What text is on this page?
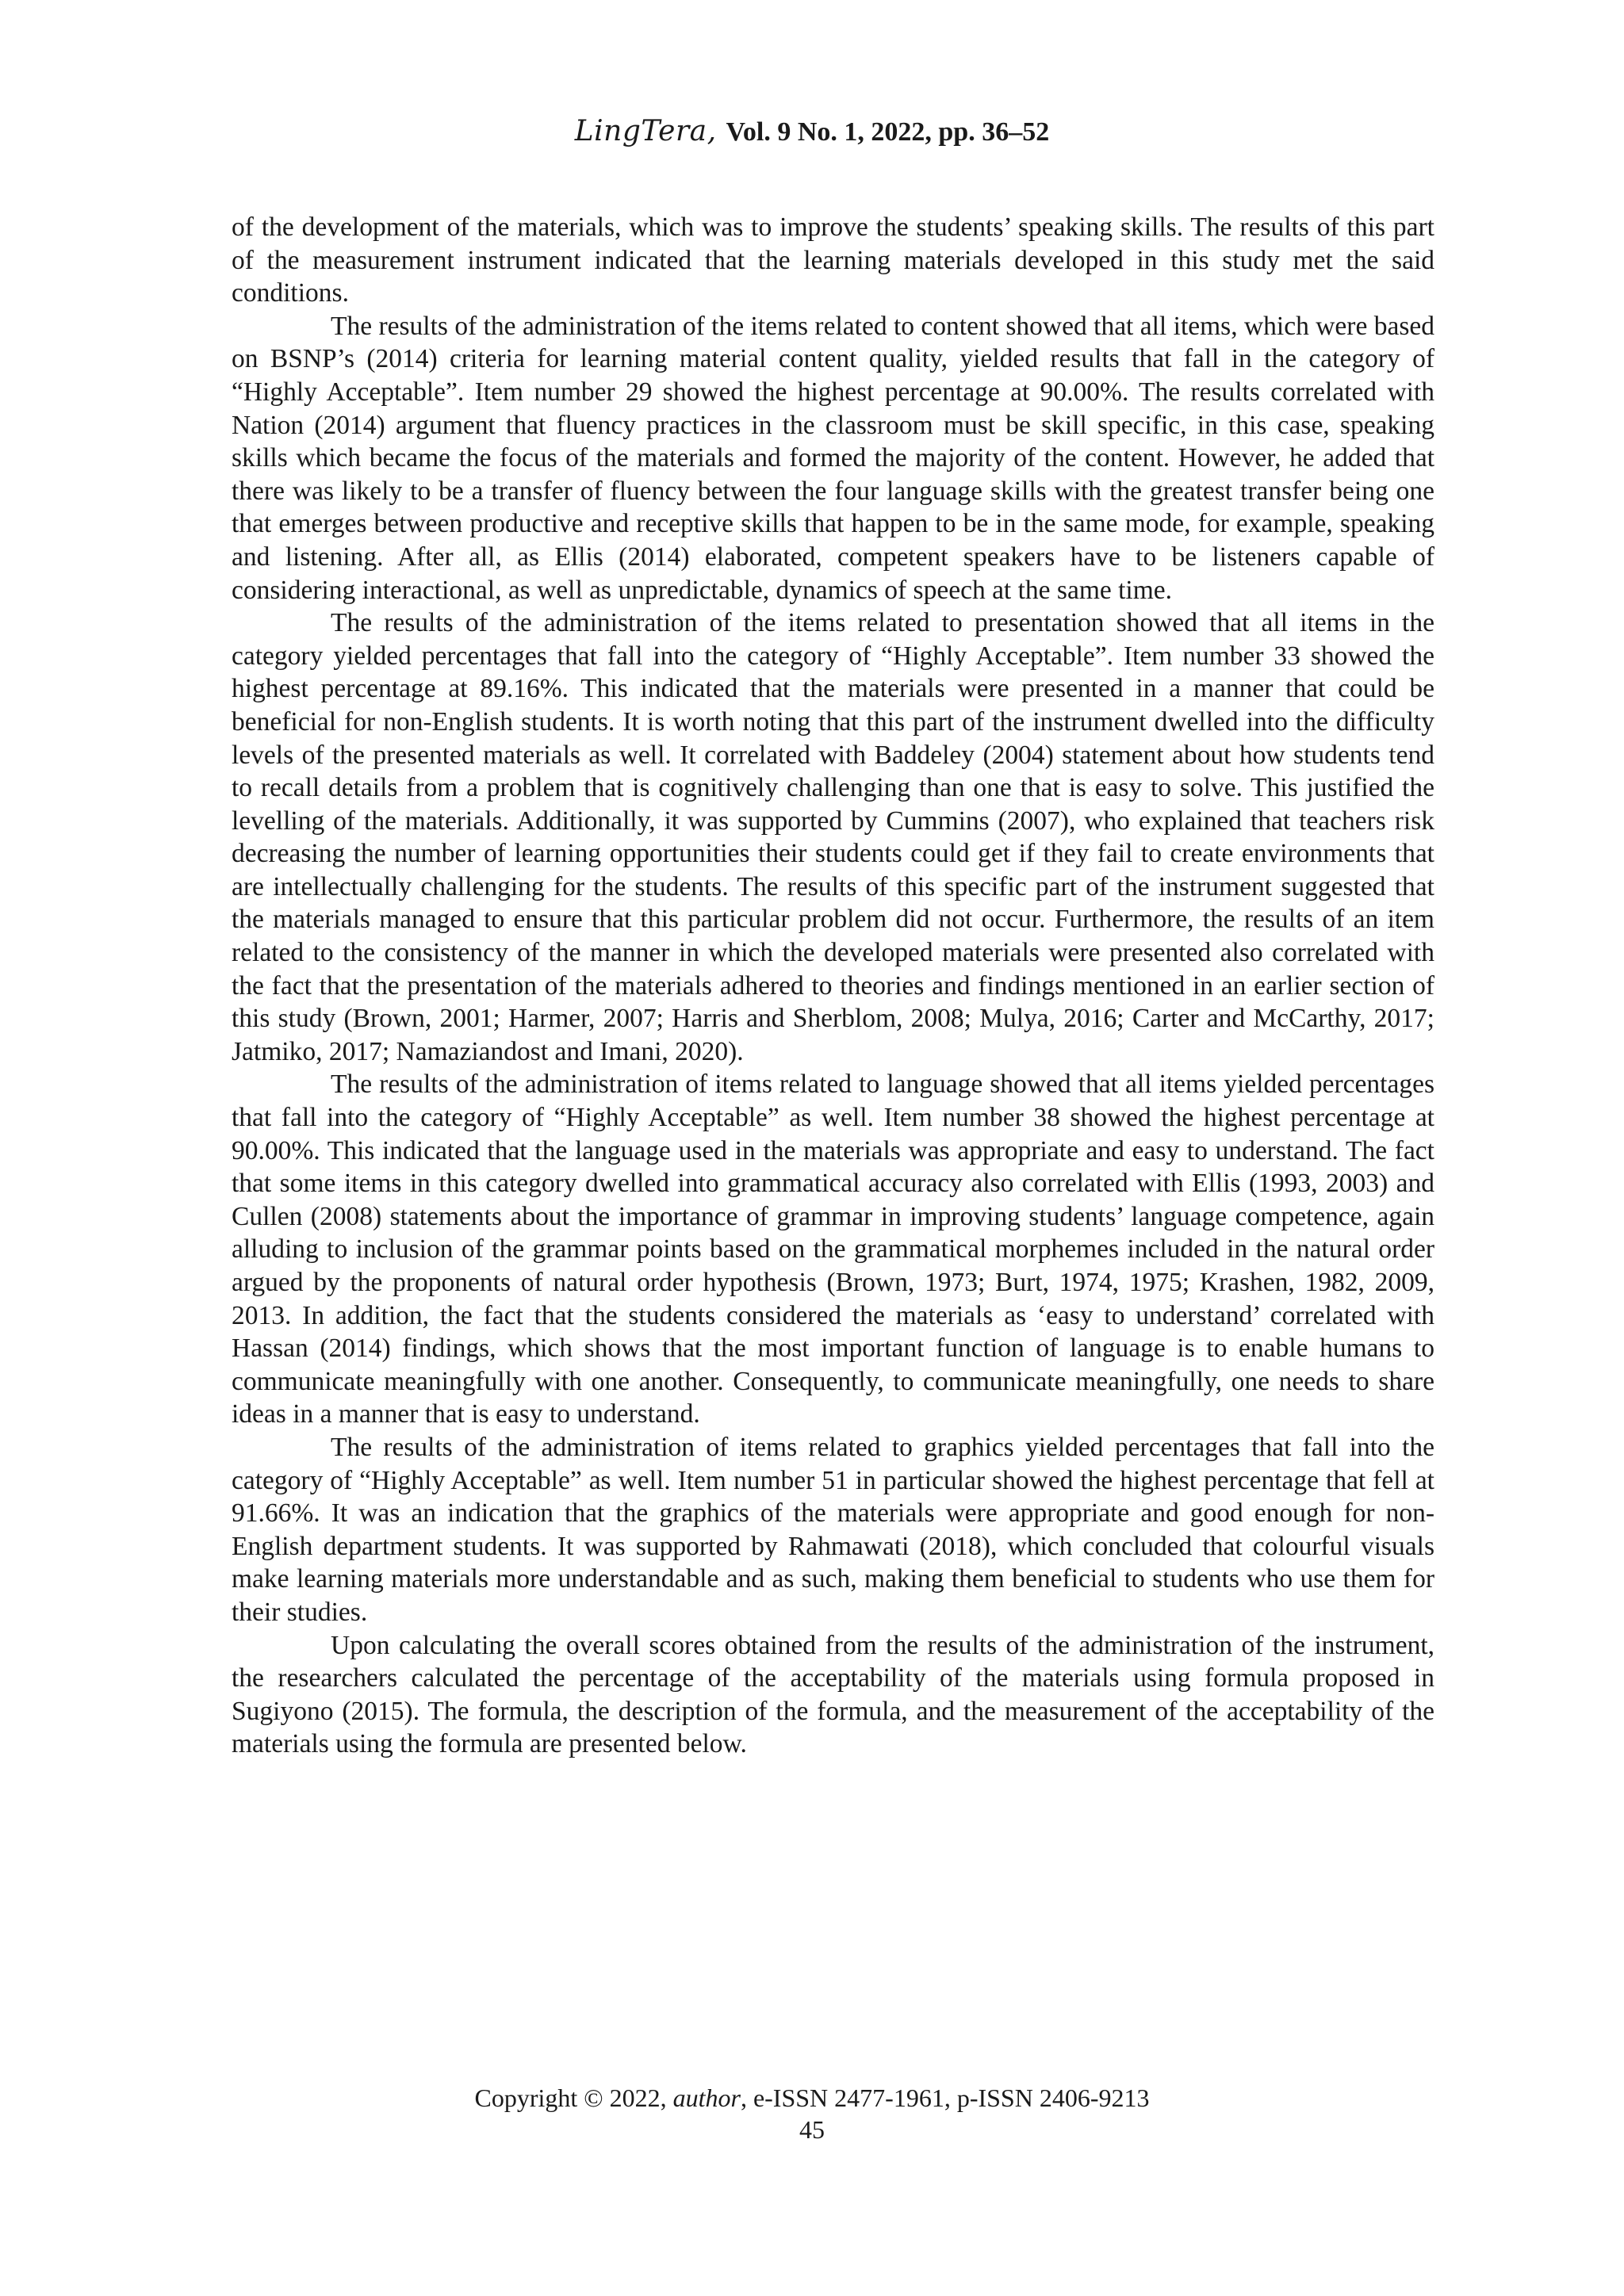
LingTera, Vol. 9 No. 1, 2022, pp. 36–52

of the development of the materials, which was to improve the students’ speaking skills. The results of this part of the measurement instrument indicated that the learning materials developed in this study met the said conditions.

The results of the administration of the items related to content showed that all items, which were based on BSNP’s (2014) criteria for learning material content quality, yielded results that fall in the category of “Highly Acceptable”. Item number 29 showed the highest percentage at 90.00%. The results correlated with Nation (2014) argument that fluency practices in the classroom must be skill specific, in this case, speaking skills which became the focus of the materials and formed the majority of the content. However, he added that there was likely to be a transfer of fluency between the four language skills with the greatest transfer being one that emerges between productive and receptive skills that happen to be in the same mode, for example, speaking and listening. After all, as Ellis (2014) elaborated, competent speakers have to be listeners capable of considering interactional, as well as unpredictable, dynamics of speech at the same time.

The results of the administration of the items related to presentation showed that all items in the category yielded percentages that fall into the category of “Highly Acceptable”. Item number 33 showed the highest percentage at 89.16%. This indicated that the materials were presented in a manner that could be beneficial for non-English students. It is worth noting that this part of the instrument dwelled into the difficulty levels of the presented materials as well. It correlated with Baddeley (2004) statement about how students tend to recall details from a problem that is cognitively challenging than one that is easy to solve. This justified the levelling of the materials. Additionally, it was supported by Cummins (2007), who explained that teachers risk decreasing the number of learning opportunities their students could get if they fail to create environments that are intellectually challenging for the students. The results of this specific part of the instrument suggested that the materials managed to ensure that this particular problem did not occur. Furthermore, the results of an item related to the consistency of the manner in which the developed materials were presented also correlated with the fact that the presentation of the materials adhered to theories and findings mentioned in an earlier section of this study (Brown, 2001; Harmer, 2007; Harris and Sherblom, 2008; Mulya, 2016; Carter and McCarthy, 2017; Jatmiko, 2017; Namaziandost and Imani, 2020).

The results of the administration of items related to language showed that all items yielded percentages that fall into the category of “Highly Acceptable” as well. Item number 38 showed the highest percentage at 90.00%. This indicated that the language used in the materials was appropriate and easy to understand. The fact that some items in this category dwelled into grammatical accuracy also correlated with Ellis (1993, 2003) and Cullen (2008) statements about the importance of grammar in improving students’ language competence, again alluding to inclusion of the grammar points based on the grammatical morphemes included in the natural order argued by the proponents of natural order hypothesis (Brown, 1973; Burt, 1974, 1975; Krashen, 1982, 2009, 2013. In addition, the fact that the students considered the materials as ‘easy to understand’ correlated with Hassan (2014) findings, which shows that the most important function of language is to enable humans to communicate meaningfully with one another. Consequently, to communicate meaningfully, one needs to share ideas in a manner that is easy to understand.

The results of the administration of items related to graphics yielded percentages that fall into the category of “Highly Acceptable” as well. Item number 51 in particular showed the highest percentage that fell at 91.66%. It was an indication that the graphics of the materials were appropriate and good enough for non-English department students. It was supported by Rahmawati (2018), which concluded that colourful visuals make learning materials more understandable and as such, making them beneficial to students who use them for their studies.

Upon calculating the overall scores obtained from the results of the administration of the instrument, the researchers calculated the percentage of the acceptability of the materials using formula proposed in Sugiyono (2015). The formula, the description of the formula, and the measurement of the acceptability of the materials using the formula are presented below.

Copyright © 2022, author, e-ISSN 2477-1961, p-ISSN 2406-9213
45
